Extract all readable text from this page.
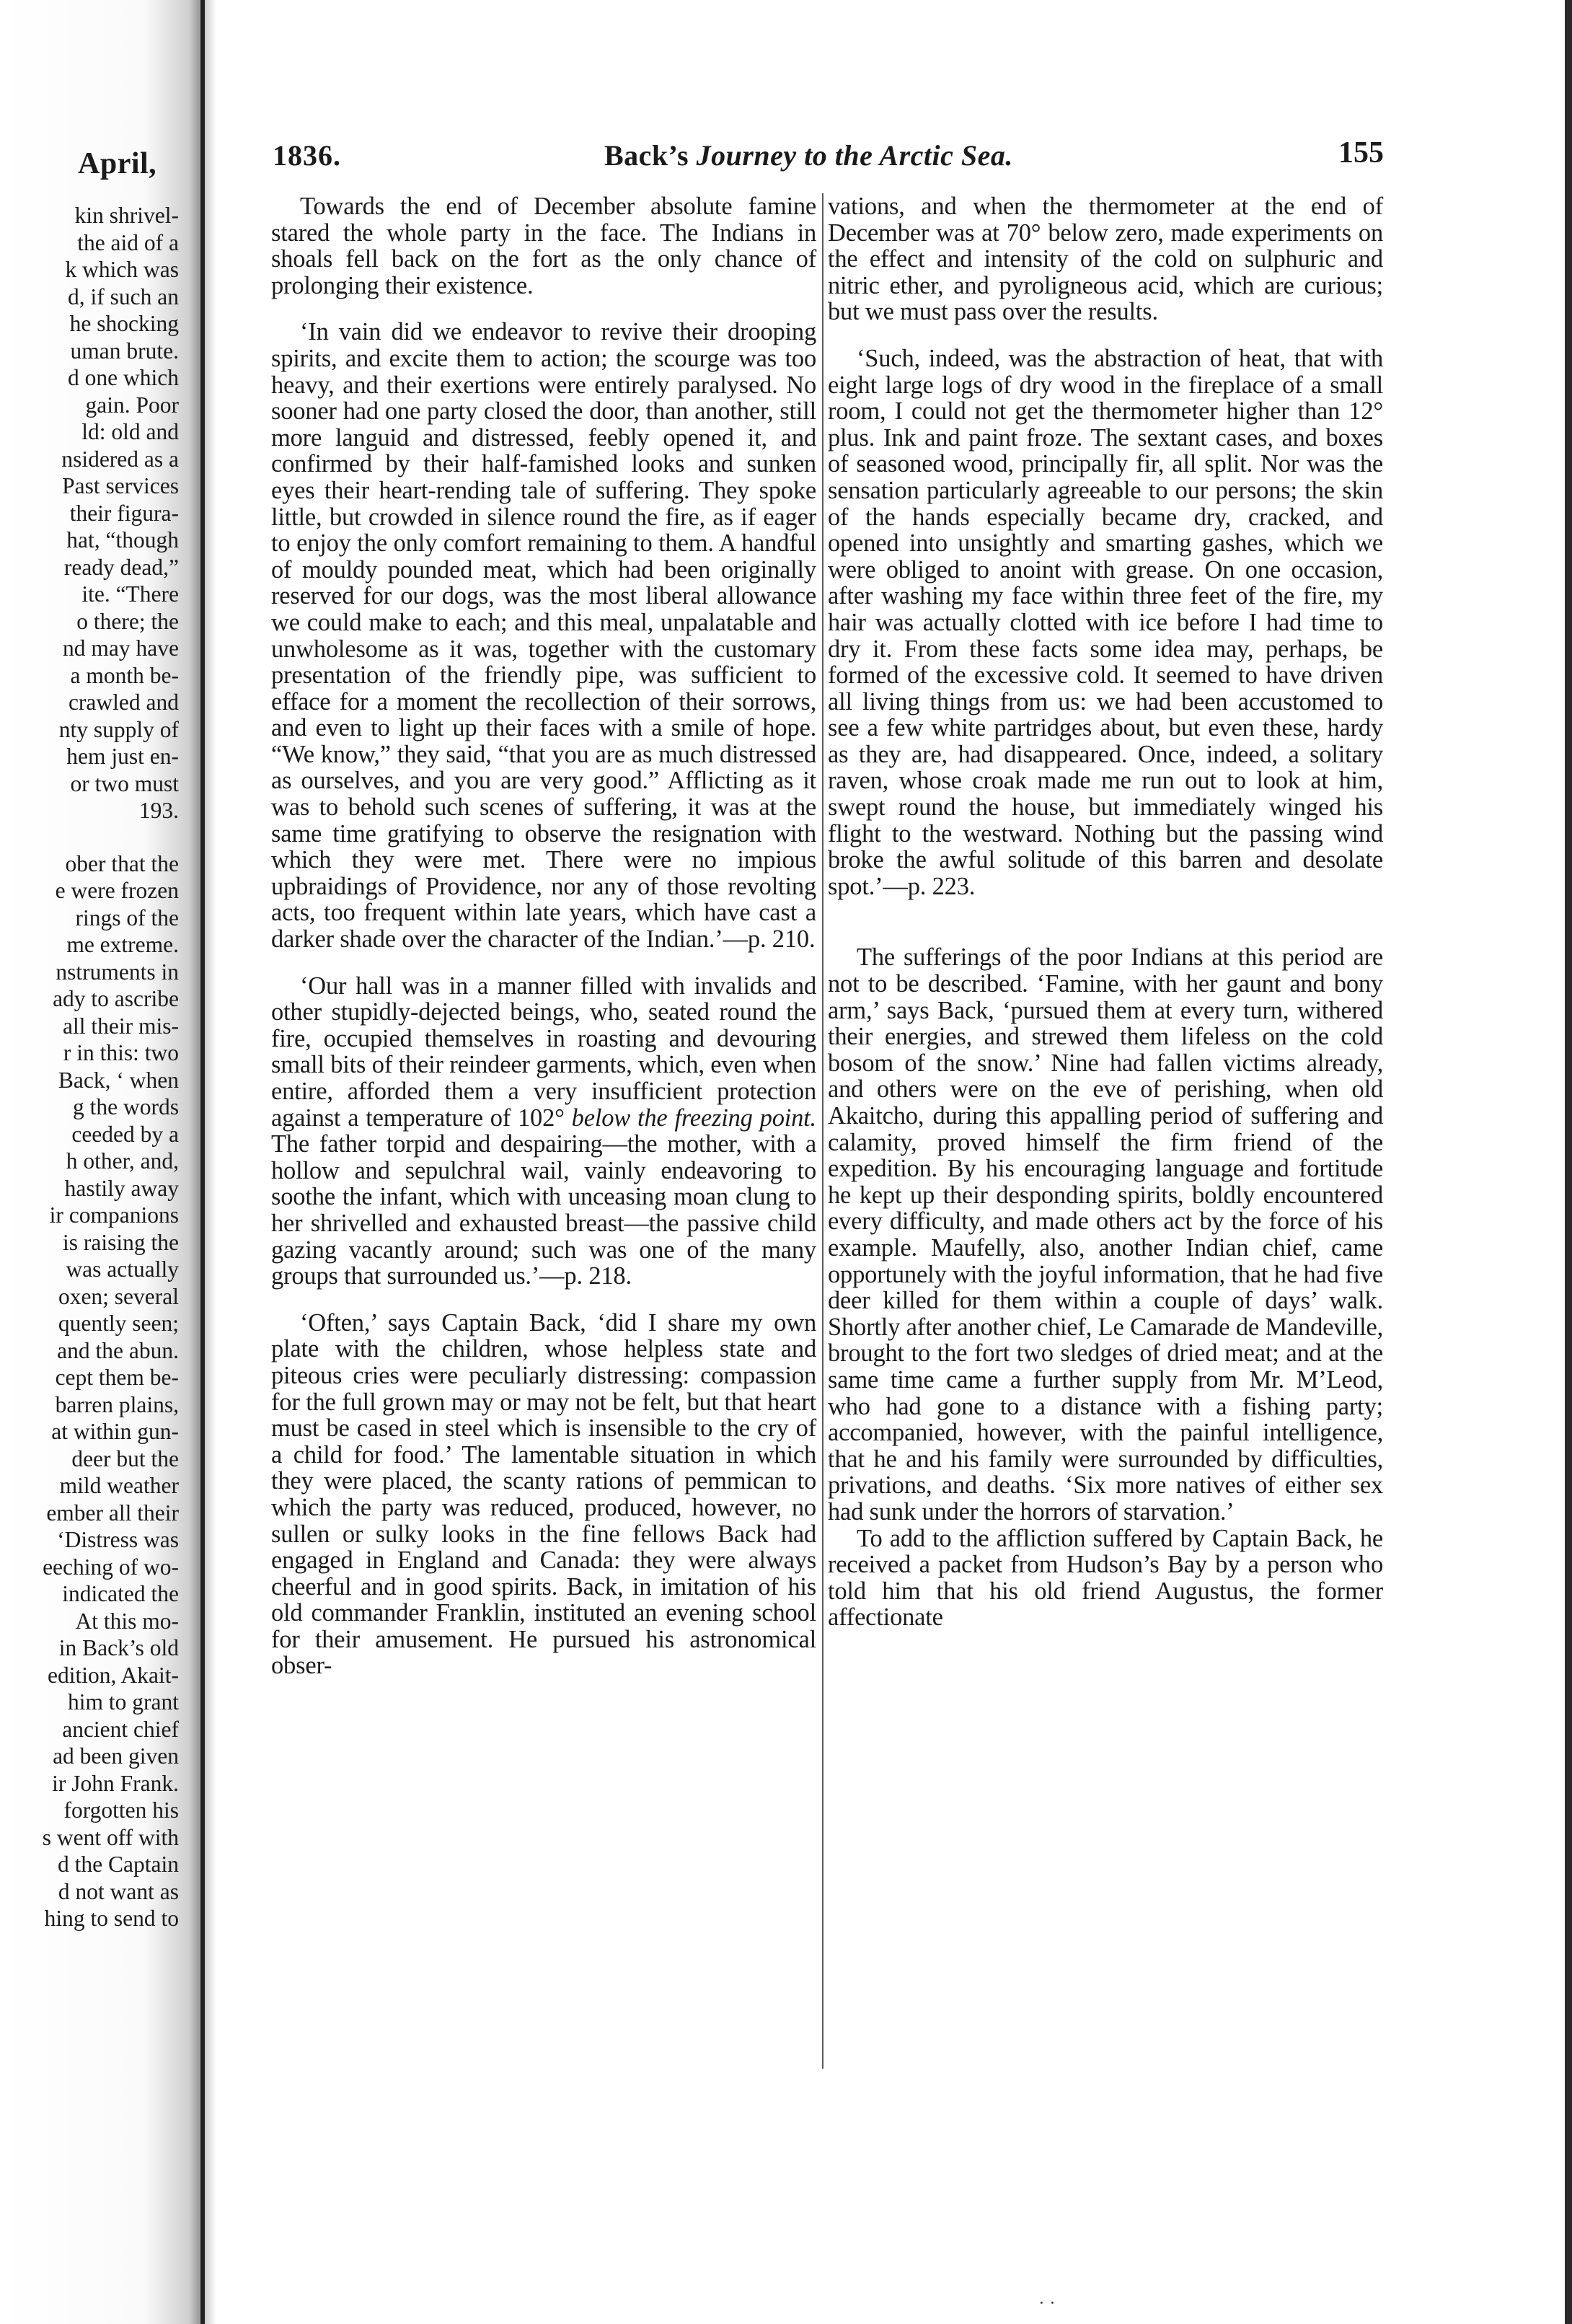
April,
kin shrivel-
the aid of a
k which was
d, if such an
he shocking
uman brute.
d one which
gain. Poor
ld: old and
nsidered as a
Past services
their figura-
hat, “though
ready dead,”
ite. “There
o there; the
nd may have
a month be-
crawled and
nty supply of
hem just en-
or two must
193.
ober that the
e were frozen
rings of the
me extreme.
nstruments in
ady to ascribe
all their mis-
r in this: two
Back, ‘ when
g the words
ceeded by a
h other, and,
hastily away
ir companions
is raising the
was actually
oxen; several
quently seen;
and the abun.
cept them be-
barren plains,
at within gun-
deer but the
mild weather
ember all their
‘Distress was
eeching of wo-
indicated the
At this mo-
in Back’s old
edition, Akait-
him to grant
ancient chief
ad been given
ir John Frank.
forgotten his
s went off with
d the Captain
d not want as
hing to send to
1836.	Back’s Journey to the Arctic Sea.	155

Towards the end of December absolute famine stared the whole party in the face. The Indians in shoals fell back on the fort as the only chance of prolonging their existence.

‘In vain did we endeavor to revive their drooping spirits, and excite them to action; the scourge was too heavy, and their exertions were entirely paralysed. No sooner had one party closed the door, than another, still more languid and distressed, feebly opened it, and confirmed by their half-famished looks and sunken eyes their heart-rending tale of suffering. They spoke little, but crowded in silence round the fire, as if eager to enjoy the only comfort remaining to them. A handful of mouldy pounded meat, which had been originally reserved for our dogs, was the most liberal allowance we could make to each; and this meal, unpalatable and unwholesome as it was, together with the customary presentation of the friendly pipe, was sufficient to efface for a moment the recollection of their sorrows, and even to light up their faces with a smile of hope. “We know,” they said, “that you are as much distressed as ourselves, and you are very good.” Afflicting as it was to behold such scenes of suffering, it was at the same time gratifying to observe the resignation with which they were met. There were no impious upbraidings of Providence, nor any of those revolting acts, too frequent within late years, which have cast a darker shade over the character of the Indian.’—p. 210.

‘Our hall was in a manner filled with invalids and other stupidly-dejected beings, who, seated round the fire, occupied themselves in roasting and devouring small bits of their reindeer garments, which, even when entire, afforded them a very insufficient protection against a temperature of 102° below the freezing point. The father torpid and despairing—the mother, with a hollow and sepulchral wail, vainly endeavoring to soothe the infant, which with unceasing moan clung to her shrivelled and exhausted breast—the passive child gazing vacantly around; such was one of the many groups that surrounded us.’—p. 218.

‘Often,’ says Captain Back, ‘did I share my own plate with the children, whose helpless state and piteous cries were peculiarly distressing: compassion for the full grown may or may not be felt, but that heart must be cased in steel which is insensible to the cry of a child for food.’ The lamentable situation in which they were placed, the scanty rations of pemmican to which the party was reduced, produced, however, no sullen or sulky looks in the fine fellows Back had engaged in England and Canada: they were always cheerful and in good spirits. Back, in imitation of his old commander Franklin, instituted an evening school for their amusement. He pursued his astronomical obser-

vations, and when the thermometer at the end of December was at 70° below zero, made experiments on the effect and intensity of the cold on sulphuric and nitric ether, and pyroligneous acid, which are curious; but we must pass over the results.

‘Such, indeed, was the abstraction of heat, that with eight large logs of dry wood in the fireplace of a small room, I could not get the thermometer higher than 12° plus. Ink and paint froze. The sextant cases, and boxes of seasoned wood, principally fir, all split. Nor was the sensation particularly agreeable to our persons; the skin of the hands especially became dry, cracked, and opened into unsightly and smarting gashes, which we were obliged to anoint with grease. On one occasion, after washing my face within three feet of the fire, my hair was actually clotted with ice before I had time to dry it. From these facts some idea may, perhaps, be formed of the excessive cold. It seemed to have driven all living things from us: we had been accustomed to see a few white partridges about, but even these, hardy as they are, had disappeared. Once, indeed, a solitary raven, whose croak made me run out to look at him, swept round the house, but immediately winged his flight to the westward. Nothing but the passing wind broke the awful solitude of this barren and desolate spot.’—p. 223.

The sufferings of the poor Indians at this period are not to be described. ‘Famine, with her gaunt and bony arm,’ says Back, ‘pursued them at every turn, withered their energies, and strewed them lifeless on the cold bosom of the snow.’ Nine had fallen victims already, and others were on the eve of perishing, when old Akaitcho, during this appalling period of suffering and calamity, proved himself the firm friend of the expedition. By his encouraging language and fortitude he kept up their desponding spirits, boldly encountered every difficulty, and made others act by the force of his example. Maufelly, also, another Indian chief, came opportunely with the joyful information, that he had five deer killed for them within a couple of days’ walk. Shortly after another chief, Le Camarade de Mandeville, brought to the fort two sledges of dried meat; and at the same time came a further supply from Mr. M’Leod, who had gone to a distance with a fishing party; accompanied, however, with the painful intelligence, that he and his family were surrounded by difficulties, privations, and deaths. ‘Six more natives of either sex had sunk under the horrors of starvation.’

To add to the affliction suffered by Captain Back, he received a packet from Hudson’s Bay by a person who told him that his old friend Augustus, the former affectionate

· ·
